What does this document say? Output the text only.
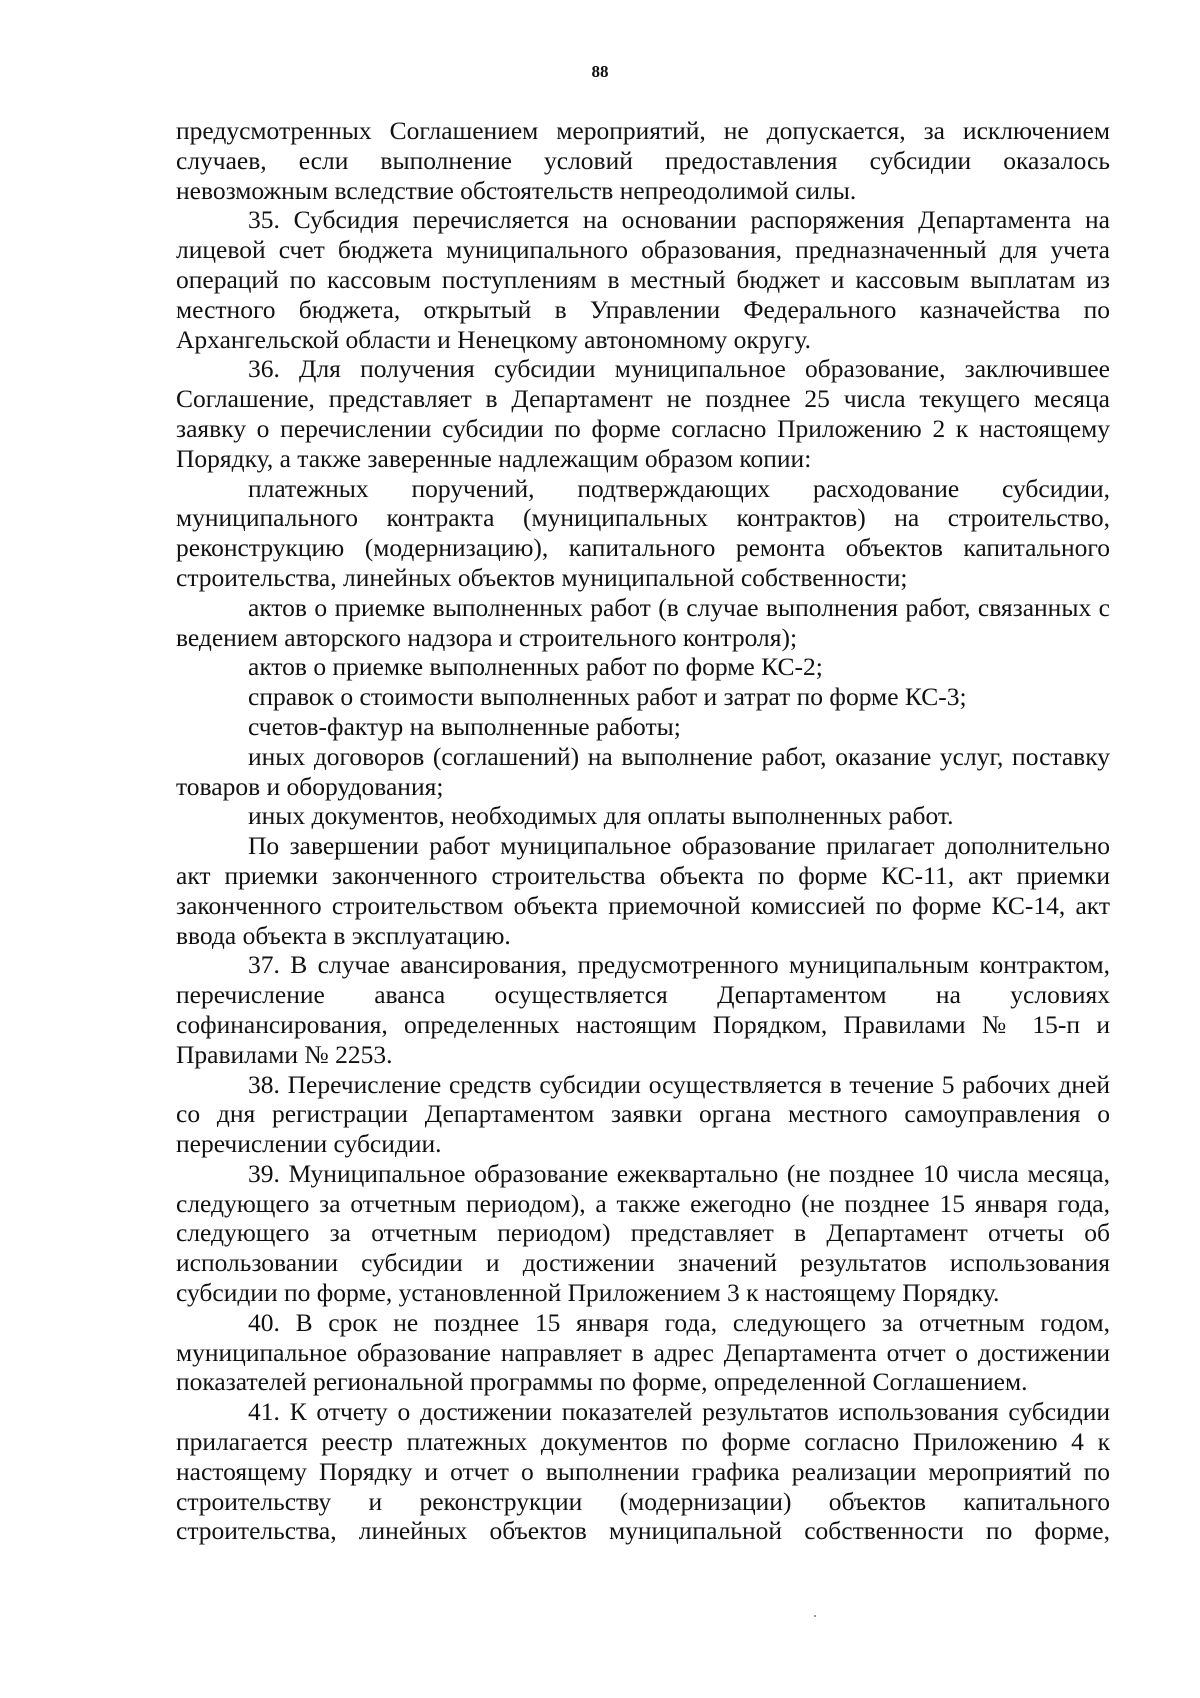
88

предусмотренных Соглашением мероприятий, не допускается, за исключением случаев, если выполнение условий предоставления субсидии оказалось невозможным вследствие обстоятельств непреодолимой силы.

35. Субсидия перечисляется на основании распоряжения Департамента на лицевой счет бюджета муниципального образования, предназначенный для учета операций по кассовым поступлениям в местный бюджет и кассовым выплатам из местного бюджета, открытый в Управлении Федерального казначейства по Архангельской области и Ненецкому автономному округу.

36. Для получения субсидии муниципальное образование, заключившее Соглашение, представляет в Департамент не позднее 25 числа текущего месяца заявку о перечислении субсидии по форме согласно Приложению 2 к настоящему Порядку, а также заверенные надлежащим образом копии:

платежных поручений, подтверждающих расходование субсидии, муниципального контракта (муниципальных контрактов) на строительство, реконструкцию (модернизацию), капитального ремонта объектов капитального строительства, линейных объектов муниципальной собственности;

актов о приемке выполненных работ (в случае выполнения работ, связанных с ведением авторского надзора и строительного контроля);

актов о приемке выполненных работ по форме КС-2;

справок о стоимости выполненных работ и затрат по форме КС-3;

счетов-фактур на выполненные работы;

иных договоров (соглашений) на выполнение работ, оказание услуг, поставку товаров и оборудования;

иных документов, необходимых для оплаты выполненных работ.

По завершении работ муниципальное образование прилагает дополнительно акт приемки законченного строительства объекта по форме КС-11, акт приемки законченного строительством объекта приемочной комиссией по форме КС-14, акт ввода объекта в эксплуатацию.

37. В случае авансирования, предусмотренного муниципальным контрактом, перечисление аванса осуществляется Департаментом на условиях софинансирования, определенных настоящим Порядком, Правилами № 15-п и Правилами № 2253.

38. Перечисление средств субсидии осуществляется в течение 5 рабочих дней со дня регистрации Департаментом заявки органа местного самоуправления о перечислении субсидии.

39. Муниципальное образование ежеквартально (не позднее 10 числа месяца, следующего за отчетным периодом), а также ежегодно (не позднее 15 января года, следующего за отчетным периодом) представляет в Департамент отчеты об использовании субсидии и достижении значений результатов использования субсидии по форме, установленной Приложением 3 к настоящему Порядку.

40. В срок не позднее 15 января года, следующего за отчетным годом, муниципальное образование направляет в адрес Департамента отчет о достижении показателей региональной программы по форме, определенной Соглашением.

41. К отчету о достижении показателей результатов использования субсидии прилагается реестр платежных документов по форме согласно Приложению 4 к настоящему Порядку и отчет о выполнении графика реализации мероприятий по строительству и реконструкции (модернизации) объектов капитального строительства, линейных объектов муниципальной собственности по форме,
